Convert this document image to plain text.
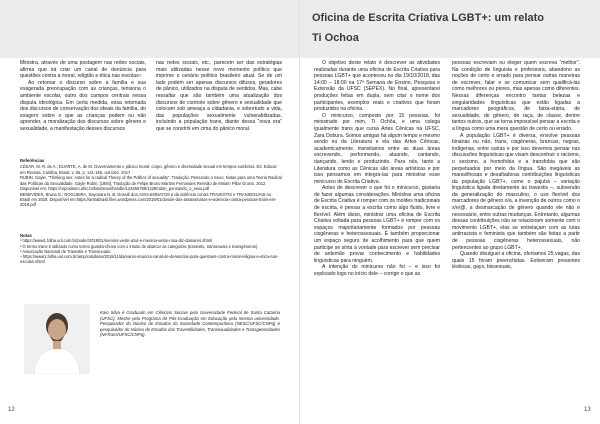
Ministra, através de uma postagem nas redes sociais, afirma que irá criar um canal de denúncia para questões contra a moral, religião e ética nas escolas⁴.

Ao retomar o discurso sobre a família e sua exagerada preocupação com as crianças, tensiona o ambiente escolar, outro dos campos centrais nessa disputa ideológica. Em certa medida, essa retomada dos discursos de conservação dos ideais da família, do exagero sobre o que as crianças podem ou não aprender, a moralização dos discursos sobre gênero e sexualidade, a manifestação desses discursos

nas redes sociais, etc., parecem ser das estratégias mais utilizadas nesse novo momento político que imprime o cenário político brasileiro atual. Se de um lado podem ser apenas discursos difusos, geradores de pânico, utilizados na disputa de sentidos. Mas, cabe ressaltar que são também uma atualização dos discursos de controle sobre gênero e sexualidade que colocam sob ameaça a cidadania, e sobretudo a vida, das populações sexualmente vulnerabilizadas, incluindo a população trans, diante dessa “nova era” que se constrói em cima do pânico moral.

Referências

CÉSAR, M. R. de A.; DUARTE, A. de M. Governamento e pânico moral: corpo, gênero e diversidade sexual em tempos sombrios. Ed. Educar em Revista, Curitiba, Brasil, v. 66, p. 141-155, out./dez. 2017

RUBIN, Gayle. “Thinking sex: notes for a radical Theory of the Politics of sexuality”. Tradução: Pensando o Sexo: Notas para uma Teoria Radical das Políticas da Sexualidade. Gayle Rubin, [1984], Tradução de Felipe Bruno Martins Fernandes Revisão de Miriam Pillar Grossi. 2012. Disponível em: https://repositorio.ufsc.br/bitstream/handle/123456789/1229/rubin_pensando_o_sexo.pdf

BENEVIDES, Bruna G.; NOGUEIRA, Sayonara N. B. Dossiê dos ASSASSINATOS e da violência contra TRAVESTIS e TRANSEXUAIS no Brasil em 2018. Disponível em:https://antrabrasil.files.wordpress.com/2019/01/dossie-dos-assassinatos-e-violencia-contra-pessoas-trans-em-2018.pdf

Notas

¹ https://www1.folha.uol.com.br/poder/2019/01/menino-veste-azul-e-menina-veste-rosa-diz-damares.shtml

² O termo trans é utilizado como termo guarda-chuva com o intuito de abarcar as categorias (travestis, transexuais e transgêneros).

³ Associação Nacional de Travestis e Transexuais.

⁴ https://www1.folha.uol.com.br/amp/cotidiano/2019/11/damares-anuncia-canal-de-denuncias-para-questoes-contra-moral-religiao-e-etica-nas-escolas.shtml

Kaio Silva é Graduado em Ciências Sociais pela Universidade Federal de Santa Catarina (UFSC). Mestre pelo Programa de Pós-Graduação em Educação pela mesma universidade. Pesquisador do Núcleo de Estudos da Sociedade Contemporânea (NESC/UFSC/CNPq) e pesquisador do Núcleo de Estudos das Travestilidades, Transexualidades e Transgeneridades (NeTrans/UFSC/CNPq).
12
Oficina de Escrita Criativa LGBT+: um relato
Ti Ochoa

O objetivo deste relato é descrever as atividades realizadas durante uma oficina de Escrita Criativa para pessoas LGBT+ que aconteceu no dia 19/10/2018, das 14:00 – 18:00 na 17ª Semana de Ensino, Pesquisa e Extensão da UFSC (SEPEX). No final, apresentarei produções feitas em dupla, sem citar o nome dos participantes, exemplos reais e criativos que foram produzidos na oficina.

O minicurso, composto por 15 pessoas, foi ministrado por mim, Ti Ochôa, e uma colega igualmente trans que cursa Artes Cênicas na UFSC, Zara Dobura. Somos amigas há algum tempo e mesmo sendo eu da Literatura e ela das Artes Cênicas, academicamente, transitamos entre as duas áreas escrevendo, performando, atuando, cantando, dançando, lendo e produzindo. Para nós, tanto a Literatura como as Cênicas são áreas artísticas e por isso pensamos em integrá-las para ministrar esse minicurso de Escrita Criativa.

Antes de descrever o que foi o minicurso, gostaria de fazer algumas considerações. Ministrar uma oficina de Escrita Criativa é romper com os moldes tradicionais de escrita, é pensar a escrita como algo fluido, livre e flexível. Além disso, ministrar uma oficina de Escrita Criativa voltada para pessoas LGBT+ é romper com os espaços majoritariamente formados por pessoas cisgêneras e heterossexuais. É também proporcionar um espaço seguro de acolhimento para que quem participe se sinta à vontade para escrever sem precisar de antemão provar conhecimento e habilidades linguísticas para ninguém.

A intenção do minicurso não foi – e isso foi explicado logo no início dele – corrigir o que as

pessoas escreviam ou eleger quem escreva “melhor”. Na condição de linguista e professora, abandono as noções de certo e errado para pensar outras maneiras de escrever, falar e se comunicar sem qualificá-las como melhores ou piores, mas apenas como diferentes. Nessas diferenças encontro tantas belezas e singularidades linguísticas que estão ligadas a marcadores geográficos, de faixa-etária, de sexualidade, de gênero, de raça, de classe, dentre tantos outros, que se torna impossível pensar a escrita e a língua como uma mera questão de certo ou errado.

A população LGBT+ é diversa, envolve pessoas binárias ou não, trans, cisgêneras, brancas, negras, indígenas, entre outras e por isso devemos pensar nas discussões linguísticas que visam descontruir o racismo, o sexismo, a homofobia e a transfobia que são perpetuados por meio da língua. São inegáveis as maravilhosas e desafiadoras contribuições linguísticas da população LGBT+, como o pajubá – variação linguística ligada diretamente às travestis –, subversão da generalização do masculino, o uso flexível dos marcadores de gênero o/a, a invenção de outros como o x/e/@, a desmarcação de gênero quando ele não é necessário, entre outras mudanças. Entretanto, algumas dessas contribuições não se relacionam somente com o movimento LGBT+, elas se entrelaçam com as lutas antirracista e feminista que também são feitas a partir de pessoas cisgêneras heterossexuais, não pertencentes ao grupo LGBT+.

Quando divulguei a oficina, ofertamos 25 vagas, das quais 15 foram preenchidas. Estiveram presentes lésbicas, gays, bissexuais,

13
